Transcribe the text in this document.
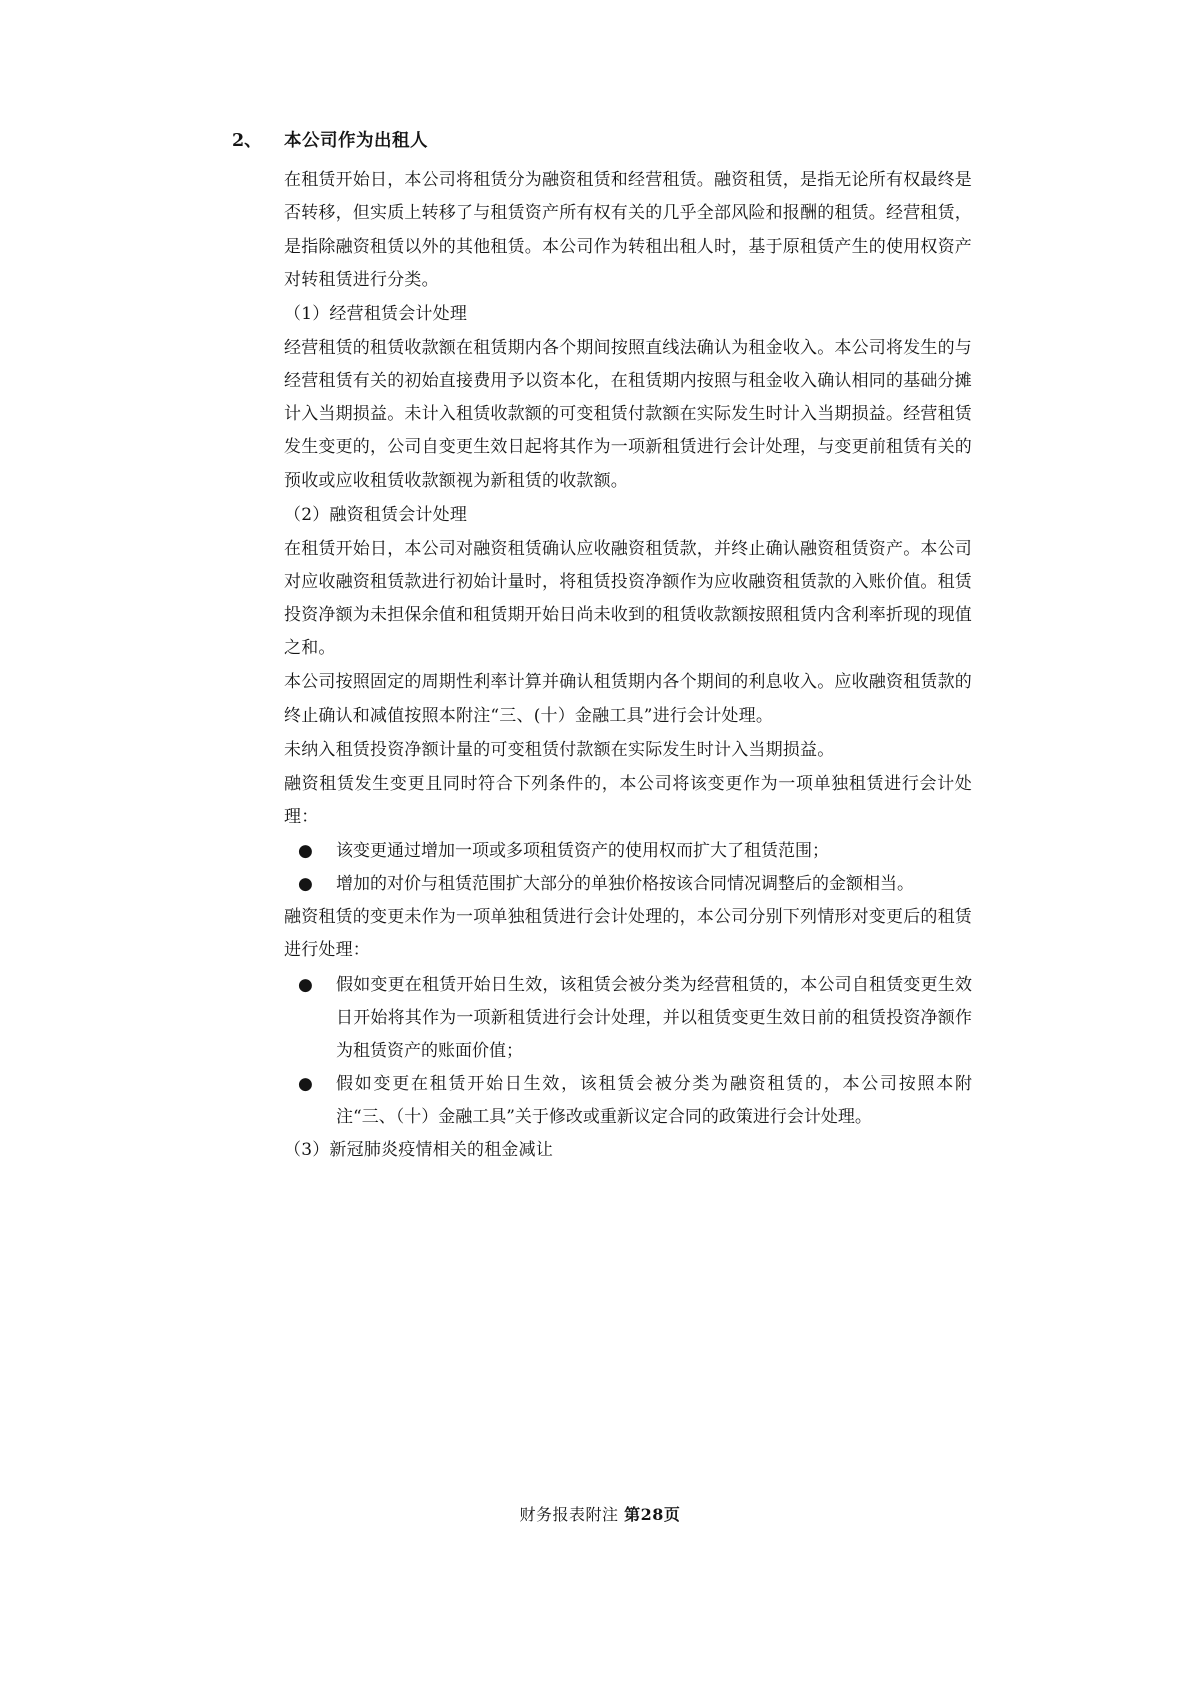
2、	本公司作为出租人

在租赁开始日，本公司将租赁分为融资租赁和经营租赁。融资租赁，是指无论所有权最终是否转移，但实质上转移了与租赁资产所有权有关的几乎全部风险和报酬的租赁。经营租赁，是指除融资租赁以外的其他租赁。本公司作为转租出租人时，基于原租赁产生的使用权资产对转租赁进行分类。

（1）经营租赁会计处理

经营租赁的租赁收款额在租赁期内各个期间按照直线法确认为租金收入。本公司将发生的与经营租赁有关的初始直接费用予以资本化，在租赁期内按照与租金收入确认相同的基础分摊计入当期损益。未计入租赁收款额的可变租赁付款额在实际发生时计入当期损益。经营租赁发生变更的，公司自变更生效日起将其作为一项新租赁进行会计处理，与变更前租赁有关的预收或应收租赁收款额视为新租赁的收款额。

（2）融资租赁会计处理

在租赁开始日，本公司对融资租赁确认应收融资租赁款，并终止确认融资租赁资产。本公司对应收融资租赁款进行初始计量时，将租赁投资净额作为应收融资租赁款的入账价值。租赁投资净额为未担保余值和租赁期开始日尚未收到的租赁收款额按照租赁内含利率折现的现值之和。

本公司按照固定的周期性利率计算并确认租赁期内各个期间的利息收入。应收融资租赁款的终止确认和减值按照本附注“三、(十）金融工具”进行会计处理。

未纳入租赁投资净额计量的可变租赁付款额在实际发生时计入当期损益。

融资租赁发生变更且同时符合下列条件的，本公司将该变更作为一项单独租赁进行会计处理：

● 该变更通过增加一项或多项租赁资产的使用权而扩大了租赁范围；
● 增加的对价与租赁范围扩大部分的单独价格按该合同情况调整后的金额相当。

融资租赁的变更未作为一项单独租赁进行会计处理的，本公司分别下列情形对变更后的租赁进行处理：

● 假如变更在租赁开始日生效，该租赁会被分类为经营租赁的，本公司自租赁变更生效日开始将其作为一项新租赁进行会计处理，并以租赁变更生效日前的租赁投资净额作为租赁资产的账面价值；
● 假如变更在租赁开始日生效，该租赁会被分类为融资租赁的，本公司按照本附注“三、（十）金融工具”关于修改或重新议定合同的政策进行会计处理。

（3）新冠肺炎疫情相关的租金减让

财务报表附注 第28页
